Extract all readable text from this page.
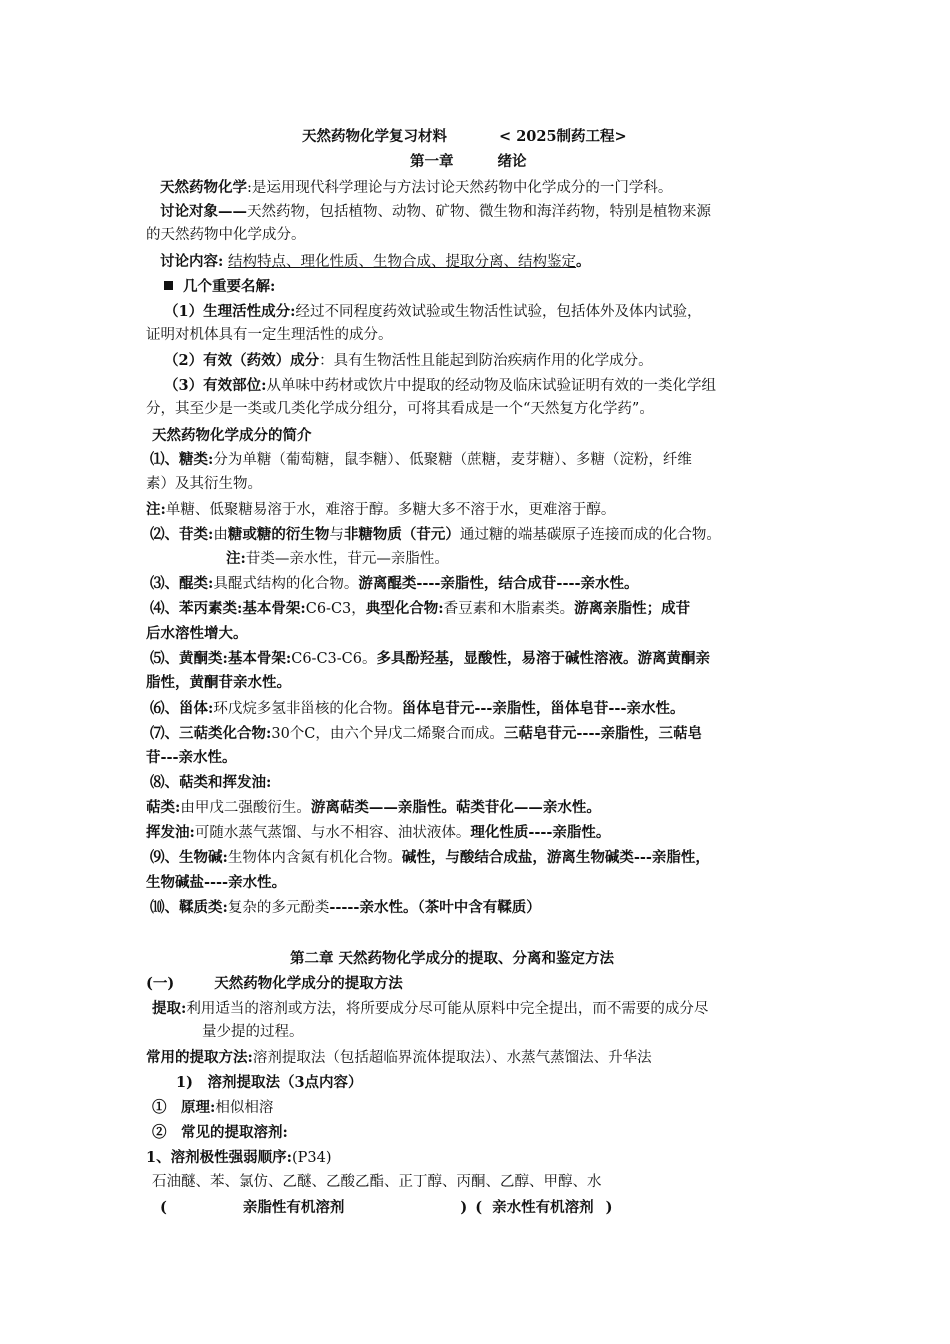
天然药物化学复习材料	< 2025制药工程>
第一章	绪论
天然药物化学:是运用现代科学理论与方法讨论天然药物中化学成分的一门学科。
讨论对象——天然药物，包括植物、动物、矿物、微生物和海洋药物，特别是植物来源
的天然药物中化学成分。
讨论内容: 结构特点、理化性质、生物合成、提取分离、结构鉴定。
几个重要名解:
（1）生理活性成分:经过不同程度药效试验或生物活性试验，包括体外及体内试验，
证明对机体具有一定生理活性的成分。
（2）有效（药效）成分：具有生物活性且能起到防治疾病作用的化学成分。
（3）有效部位:从单味中药材或饮片中提取的经动物及临床试验证明有效的一类化学组
分，其至少是一类或几类化学成分组分，可将其看成是一个“天然复方化学药”。
天然药物化学成分的简介
⑴、糖类:分为单糖（葡萄糖，鼠李糖）、低聚糖（蔗糖，麦芽糖）、多糖（淀粉，纤维
素）及其衍生物。
注:单糖、低聚糖易溶于水，难溶于醇。多糖大多不溶于水，更难溶于醇。
⑵、苷类:由糖或糖的衍生物与非糖物质（苷元）通过糖的端基碳原子连接而成的化合物。
注:苷类—亲水性，苷元—亲脂性。
⑶、醌类:具醌式结构的化合物。游离醌类----亲脂性，结合成苷----亲水性。
⑷、苯丙素类:基本骨架:C6-C3，典型化合物:香豆素和木脂素类。游离亲脂性；成苷
后水溶性增大。
⑸、黄酮类:基本骨架:C6-C3-C6。多具酚羟基，显酸性，易溶于碱性溶液。游离黄酮亲
脂性，黄酮苷亲水性。
⑹、甾体:环戊烷多氢非甾核的化合物。甾体皂苷元---亲脂性，甾体皂苷---亲水性。
⑺、三萜类化合物:30个C，由六个异戊二烯聚合而成。三萜皂苷元----亲脂性，三萜皂
苷---亲水性。
⑻、萜类和挥发油:
萜类:由甲戊二强酸衍生。游离萜类——亲脂性。萜类苷化——亲水性。
挥发油:可随水蒸气蒸馏、与水不相容、油状液体。理化性质----亲脂性。
⑼、生物碱:生物体内含氮有机化合物。碱性，与酸结合成盐，游离生物碱类---亲脂性，
生物碱盐----亲水性。
⑽、鞣质类:复杂的多元酚类-----亲水性。（茶叶中含有鞣质）
第二章 天然药物化学成分的提取、分离和鉴定方法
(一)	天然药物化学成分的提取方法
提取:利用适当的溶剂或方法，将所要成分尽可能从原料中完全提出，而不需要的成分尽
量少提的过程。
常用的提取方法:溶剂提取法（包括超临界流体提取法）、水蒸气蒸馏法、升华法
1)　溶剂提取法（3点内容）
①　原理:相似相溶
②　常见的提取溶剂:
1、溶剂极性强弱顺序:(P34)
石油醚、苯、氯仿、乙醚、乙酸乙酯、正丁醇、丙酮、乙醇、甲醇、水
(	亲脂性有机溶剂	) ( 亲水性有机溶剂 )
